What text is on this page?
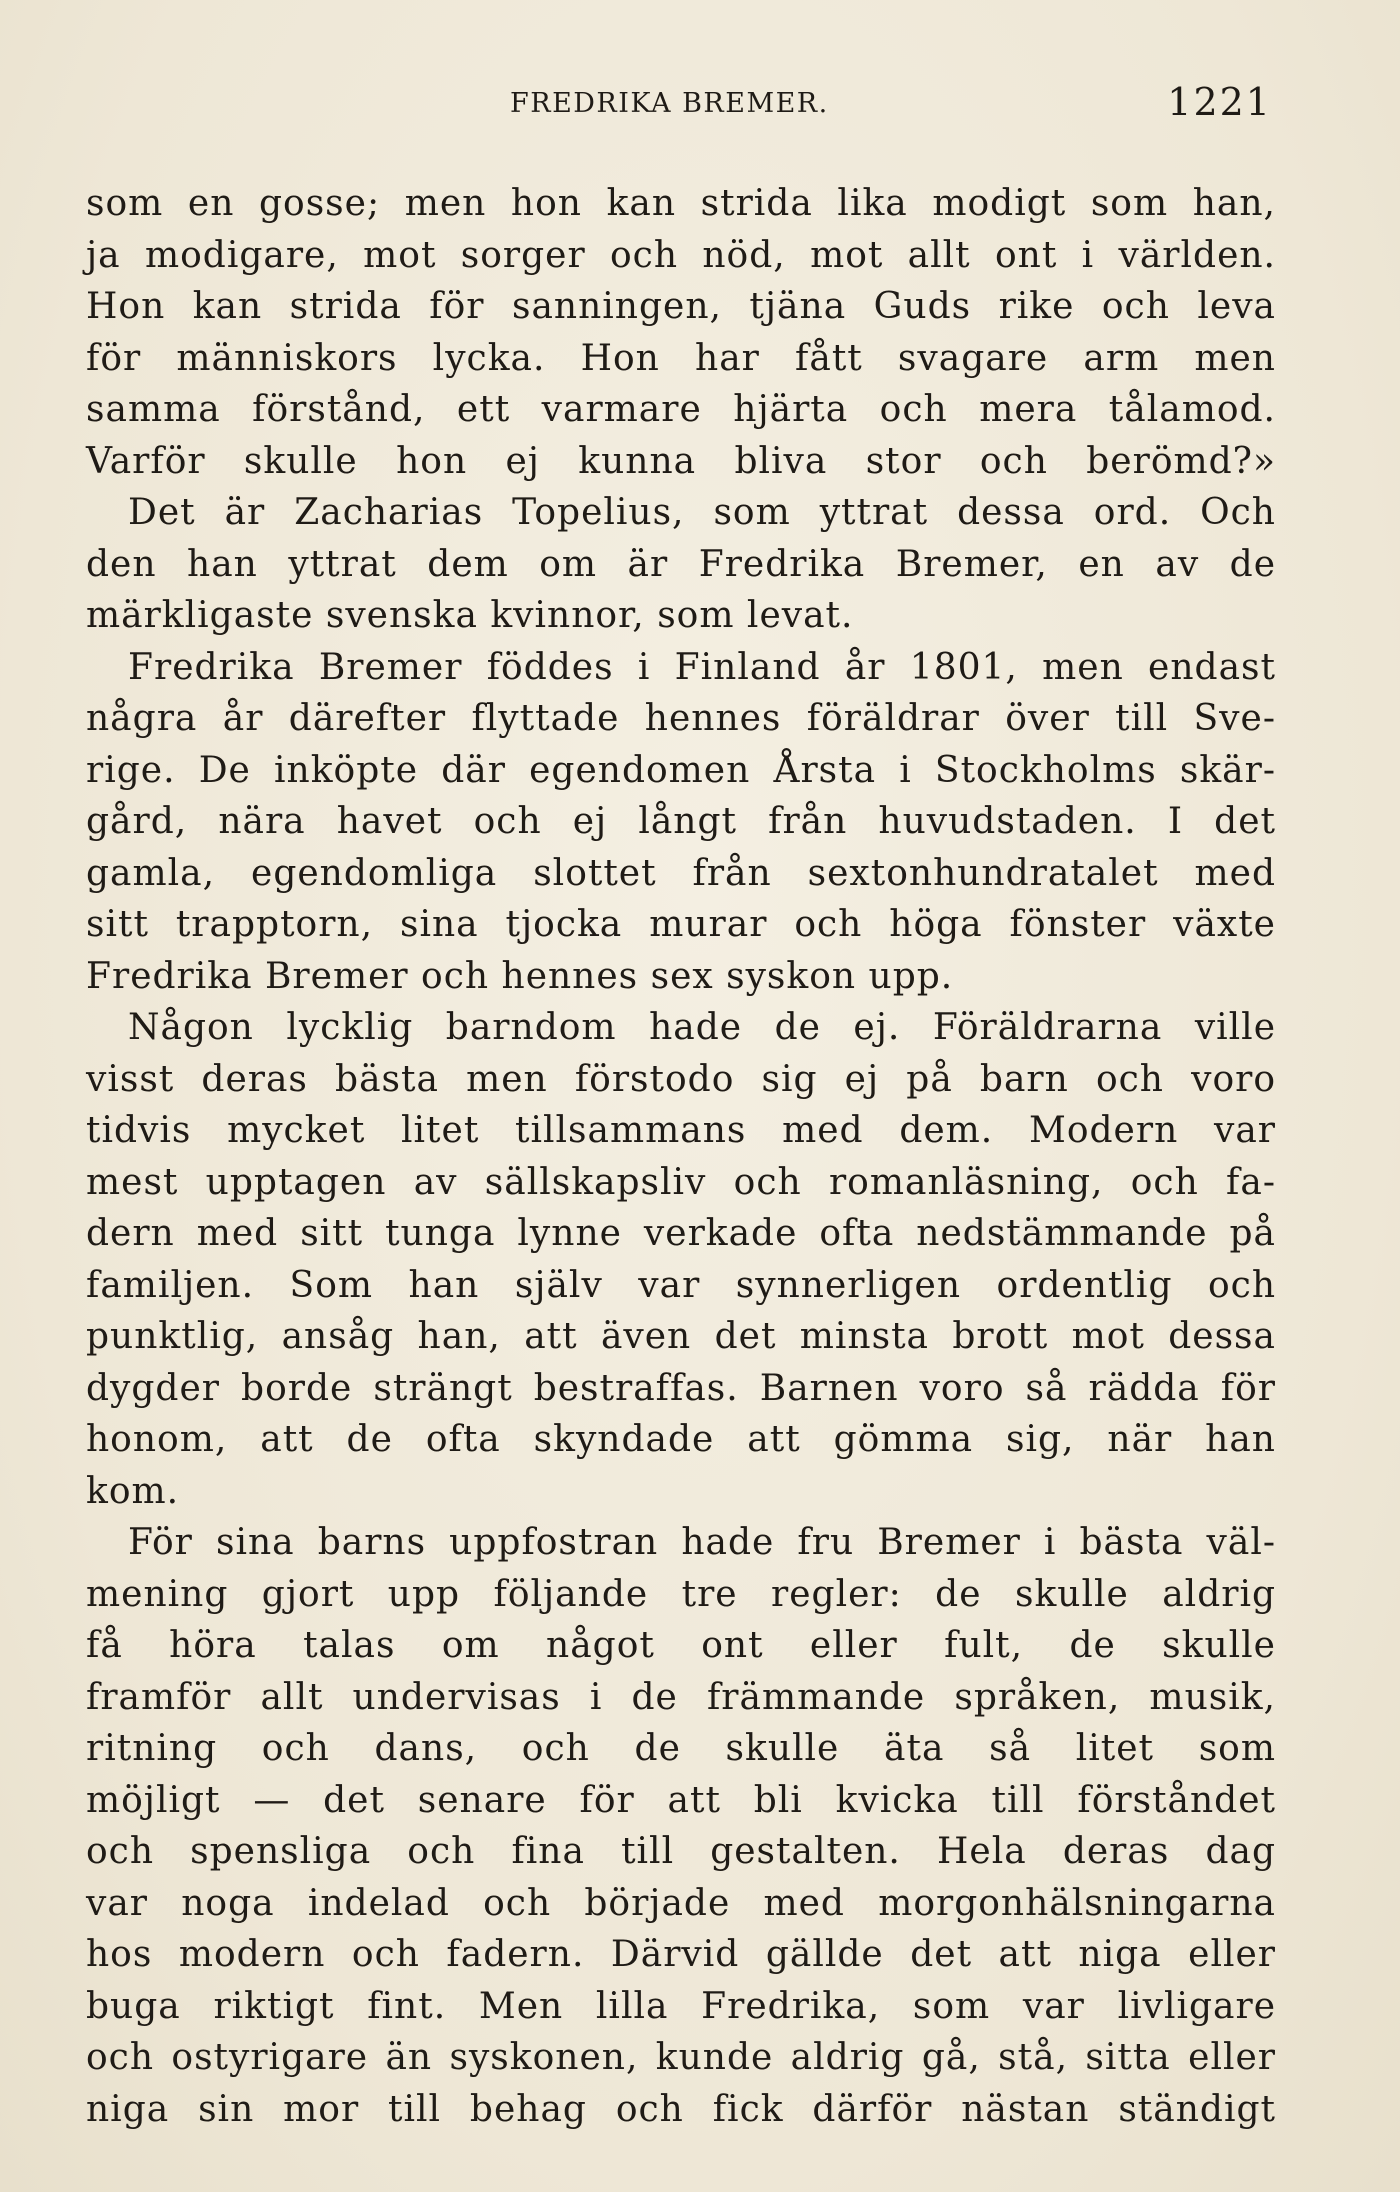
FREDRIKA BREMER.	1221
som en gosse; men hon kan strida lika modigt som han,
ja modigare, mot sorger och nöd, mot allt ont i världen.
Hon kan strida för sanningen, tjäna Guds rike och leva
för människors lycka. Hon har fått svagare arm men
samma förstånd, ett varmare hjärta och mera tålamod.
Varför skulle hon ej kunna bliva stor och berömd?»
Det är Zacharias Topelius, som yttrat dessa ord. Och
den han yttrat dem om är Fredrika Bremer, en av de
märkligaste svenska kvinnor, som levat.
Fredrika Bremer föddes i Finland år 1801, men endast
några år därefter flyttade hennes föräldrar över till Sve-
rige. De inköpte där egendomen Årsta i Stockholms skär-
gård, nära havet och ej långt från huvudstaden. I det
gamla, egendomliga slottet från sextonhundratalet med
sitt trapptorn, sina tjocka murar och höga fönster växte
Fredrika Bremer och hennes sex syskon upp.
Någon lycklig barndom hade de ej. Föräldrarna ville
visst deras bästa men förstodo sig ej på barn och voro
tidvis mycket litet tillsammans med dem. Modern var
mest upptagen av sällskapsliv och romanläsning, och fa-
dern med sitt tunga lynne verkade ofta nedstämmande på
familjen. Som han själv var synnerligen ordentlig och
punktlig, ansåg han, att även det minsta brott mot dessa
dygder borde strängt bestraffas. Barnen voro så rädda för
honom, att de ofta skyndade att gömma sig, när han
kom.
För sina barns uppfostran hade fru Bremer i bästa väl-
mening gjort upp följande tre regler: de skulle aldrig
få höra talas om något ont eller fult, de skulle
framför allt undervisas i de främmande språken, musik,
ritning och dans, och de skulle äta så litet som
möjligt — det senare för att bli kvicka till förståndet
och spensliga och fina till gestalten. Hela deras dag
var noga indelad och började med morgonhälsningarna
hos modern och fadern. Därvid gällde det att niga eller
buga riktigt fint. Men lilla Fredrika, som var livligare
och ostyrigare än syskonen, kunde aldrig gå, stå, sitta eller
niga sin mor till behag och fick därför nästan ständigt
